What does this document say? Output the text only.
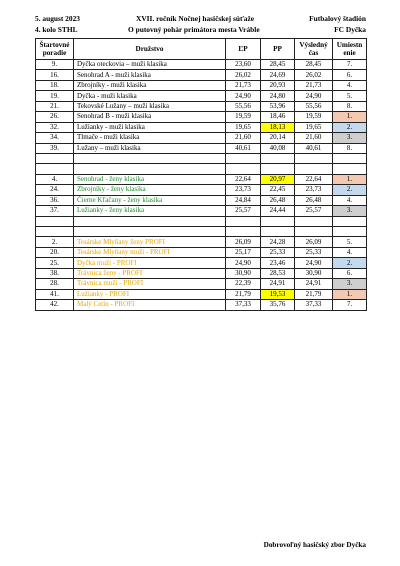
5. august 2023
4. kolo STHL
XVII. ročník Nočnej hasičskej súťaže
O putovný pohár primátora mesta Vráble
Futbalový štadión
FC Dyčka
Štartovné poradie	Družstvo	ĽP	PP	Výsledný čas	Umiestn enie
9.	Dyčka oteckovia – muži klasika	23,60	28,45	28,45	7.
16.	Senohrad A - muži klasika	26,02	24,69	26,02	6.
18.	Zbrojníky - muži klasika	21,73	20,93	21,73	4.
19.	Dyčka - muži klasika	24,90	24,80	24,90	5.
21.	Tekovské Lužany – muži klasika	55,56	53,96	55,56	8.
26.	Senohrad B - muži klasika	19,59	18,46	19,59	1.
32.	Lužianky - muži klasika	19,65	18,13	19,65	2.
34.	Tlmače - muži klasika	21,60	20,14	21,60	3.
39.	Lužany – muži klasika	40,61	40,08	40,61	8.

4.	Senohrad - ženy klasika	22,64	20,97	22,64	1.
24.	Zbrojníky - ženy klasika	23,73	22,45	23,73	2.
36.	Čierne Kľačany - ženy klasika	24,84	26,48	26,48	4.
37.	Lužianky - ženy klasika	25,57	24,44	25,57	3.

2.	Tesárske Mlyňany ženy PROFI	26,09	24,28	26,09	5.
20.	Tesárske Mlyňany muži - PROFI	25,17	25,33	25,33	4.
25.	Dyčka muži - PROFI	24,90	23,46	24,90	2.
38.	Trávnica ženy - PROFI	30,90	28,53	30,90	6.
28.	Trávnica muži - PROFI	22,39	24,91	24,91	3.
41.	Lužianky - PROFI	21,79	19,53	21,79	1.
42.	Malý Cetín - PROFI	37,33	35,76	37,33	7.
Dobrovoľný hasičský zbor Dyčka
